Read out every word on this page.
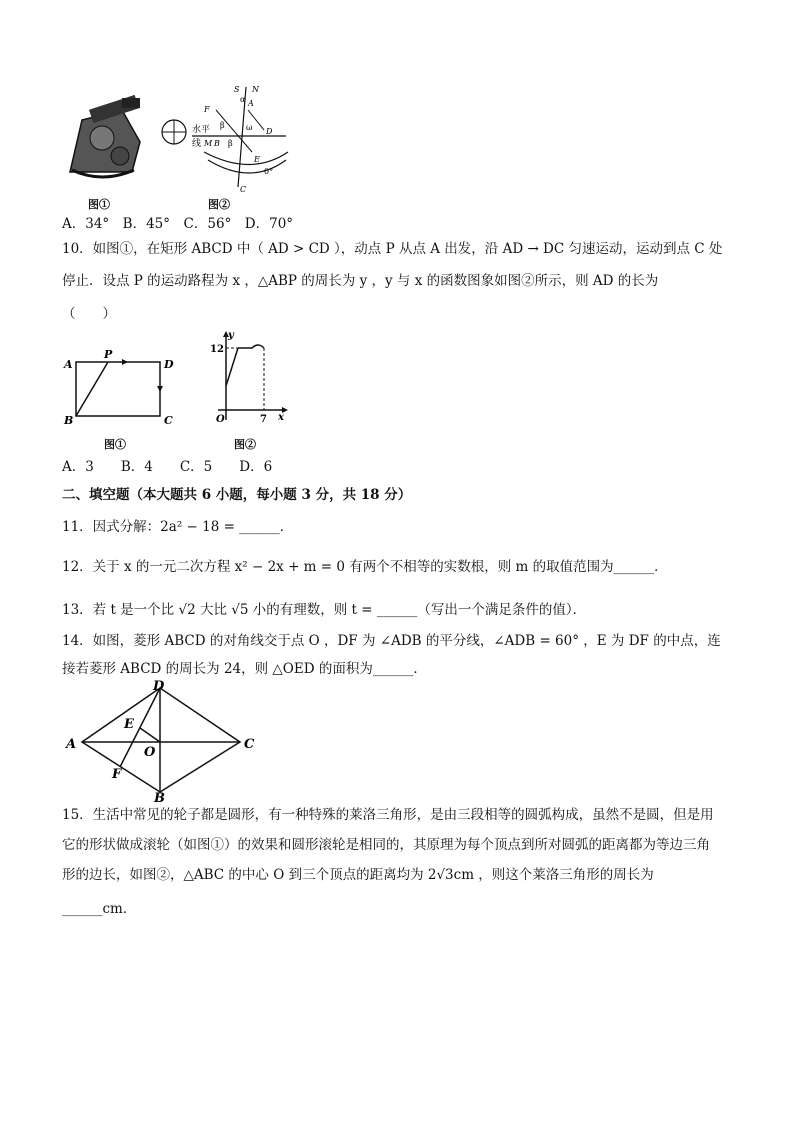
图①
S N
A
α
F
β
D
水平
线 M B β
ω
E
0°
C
图②
A．34°　B．45°　C．56°　D．70°
10．如图①，在矩形 ABCD 中（ AD > CD ），动点 P 从点 A 出发，沿 AD → DC 匀速运动，运动到点 C 处
停止．设点 P 的运动路程为 x ，△ABP 的周长为 y ，y 与 x 的函数图象如图②所示，则 AD 的长为
（　　）
A
P
D
B	C
图①
y
12
O	7 x
图②
A．3　　B．4　　C．5　　D．6
二、填空题（本大题共 6 小题，每小题 3 分，共 18 分）
11．因式分解：2a² − 18 = ______．
12．关于 x 的一元二次方程 x² − 2x + m = 0 有两个不相等的实数根，则 m 的取值范围为______．
13．若 t 是一个比 √2 大比 √5 小的有理数，则 t = ______（写出一个满足条件的值）．
14．如图，菱形 ABCD 的对角线交于点 O ，DF 为 ∠ADB 的平分线，∠ADB = 60° ，E 为 DF 的中点，连
接若菱形 ABCD 的周长为 24，则 △OED 的面积为______．
D
E
A
O
C
F
B
15．生活中常见的轮子都是圆形，有一种特殊的莱洛三角形，是由三段相等的圆弧构成，虽然不是圆，但是用
它的形状做成滚轮（如图①）的效果和圆形滚轮是相同的，其原理为每个顶点到所对圆弧的距离都为等边三角
形的边长，如图②，△ABC 的中心 O 到三个顶点的距离均为 2√3cm ，则这个莱洛三角形的周长为
______cm．
